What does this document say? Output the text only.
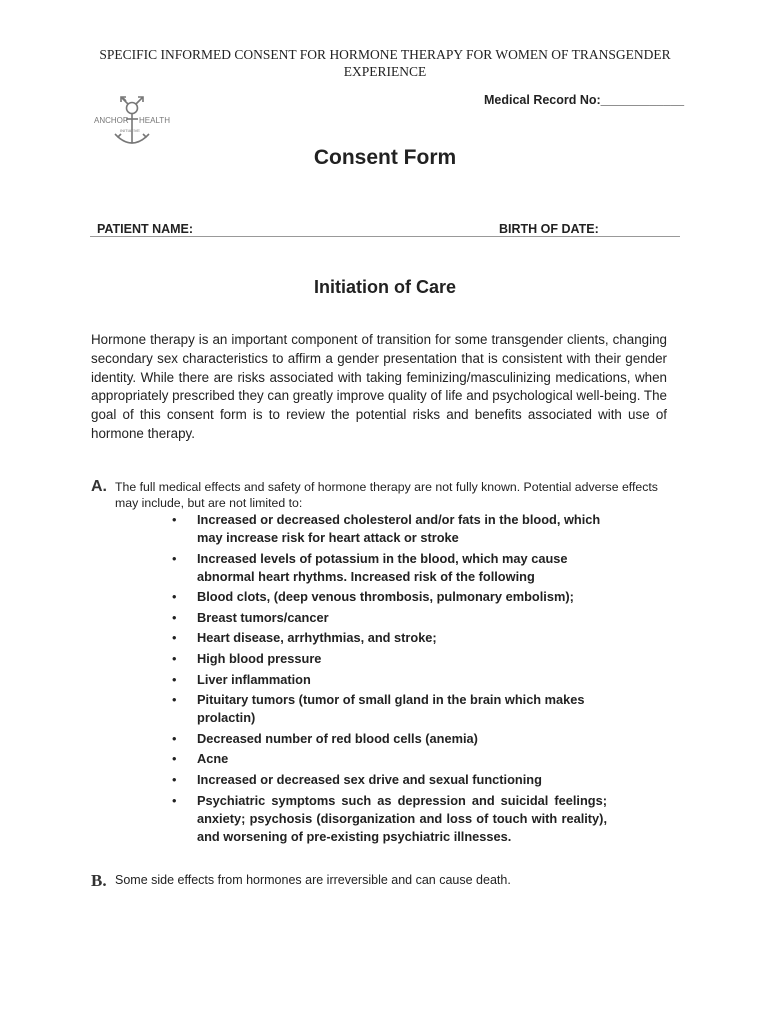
SPECIFIC INFORMED CONSENT FOR HORMONE THERAPY FOR WOMEN OF TRANSGENDER
EXPERIENCE
Medical Record No:____________
ANCHOR HEALTH
INITIATIVE
Consent Form
PATIENT NAME:	BIRTH OF DATE:
Initiation of Care
Hormone therapy is an important component of transition for some transgender clients, changing secondary sex characteristics to affirm a gender presentation that is consistent with their gender identity. While there are risks associated with taking feminizing/masculinizing medications, when appropriately prescribed they can greatly improve quality of life and psychological well-being. The goal of this consent form is to review the potential risks and benefits associated with use of hormone therapy.
A. The full medical effects and safety of hormone therapy are not fully known. Potential adverse effects may include, but are not limited to:
• Increased or decreased cholesterol and/or fats in the blood, which may increase risk for heart attack or stroke
• Increased levels of potassium in the blood, which may cause abnormal heart rhythms. Increased risk of the following
• Blood clots, (deep venous thrombosis, pulmonary embolism);
• Breast tumors/cancer
• Heart disease, arrhythmias, and stroke;
• High blood pressure
• Liver inflammation
• Pituitary tumors (tumor of small gland in the brain which makes prolactin)
• Decreased number of red blood cells (anemia)
• Acne
• Increased or decreased sex drive and sexual functioning
• Psychiatric symptoms such as depression and suicidal feelings; anxiety; psychosis (disorganization and loss of touch with reality), and worsening of pre-existing psychiatric illnesses.
B. Some side effects from hormones are irreversible and can cause death.
